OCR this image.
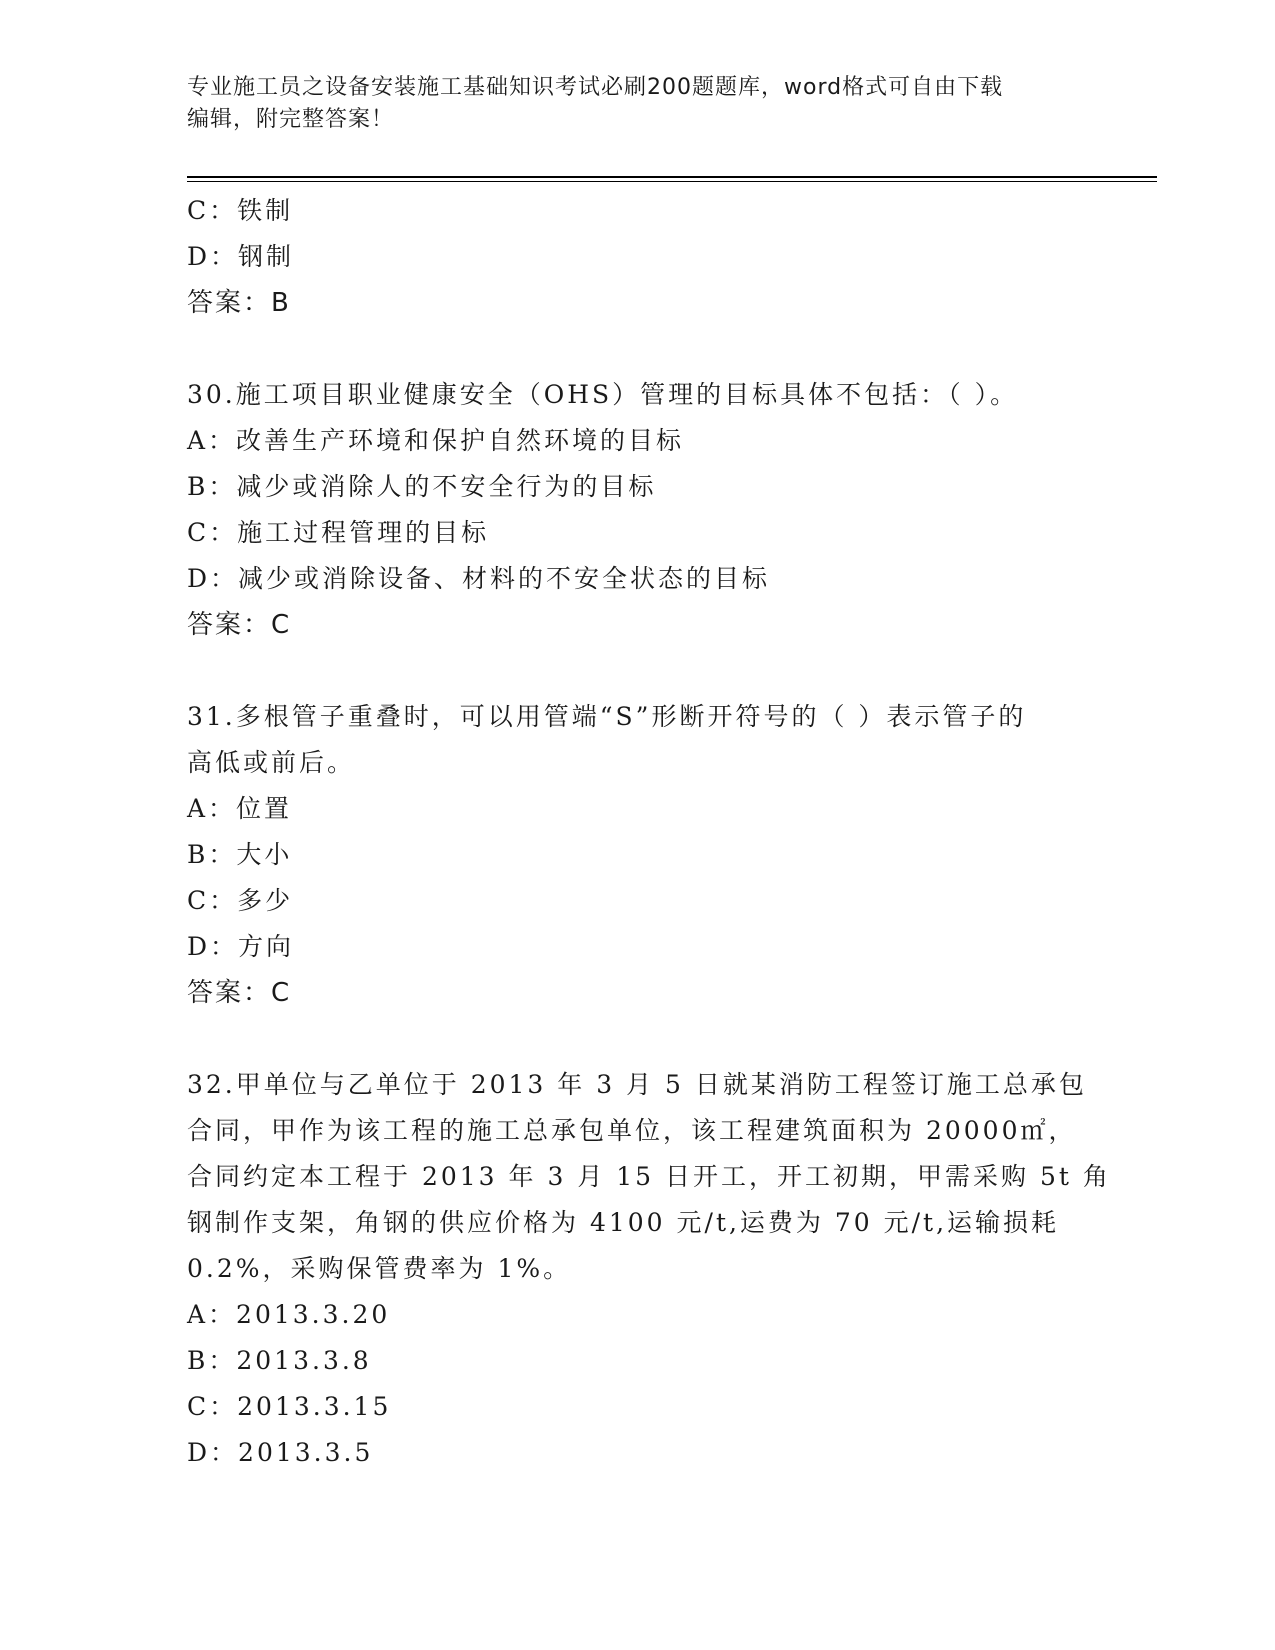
专业施工员之设备安装施工基础知识考试必刷200题题库，word格式可自由下载
编辑，附完整答案！
C：铁制
D：钢制
答案：B
30.施工项目职业健康安全（OHS）管理的目标具体不包括：（ ）。
A：改善生产环境和保护自然环境的目标
B：减少或消除人的不安全行为的目标
C：施工过程管理的目标
D：减少或消除设备、材料的不安全状态的目标
答案：C
31.多根管子重叠时，可以用管端“S”形断开符号的（ ）表示管子的
高低或前后。
A：位置
B：大小
C：多少
D：方向
答案：C
32.甲单位与乙单位于 2013 年 3 月 5 日就某消防工程签订施工总承包
合同，甲作为该工程的施工总承包单位，该工程建筑面积为 20000㎡，
合同约定本工程于 2013 年 3 月 15 日开工，开工初期，甲需采购 5t 角
钢制作支架，角钢的供应价格为 4100 元/t,运费为 70 元/t,运输损耗
0.2%，采购保管费率为 1%。
A：2013.3.20
B：2013.3.8
C：2013.3.15
D：2013.3.5
